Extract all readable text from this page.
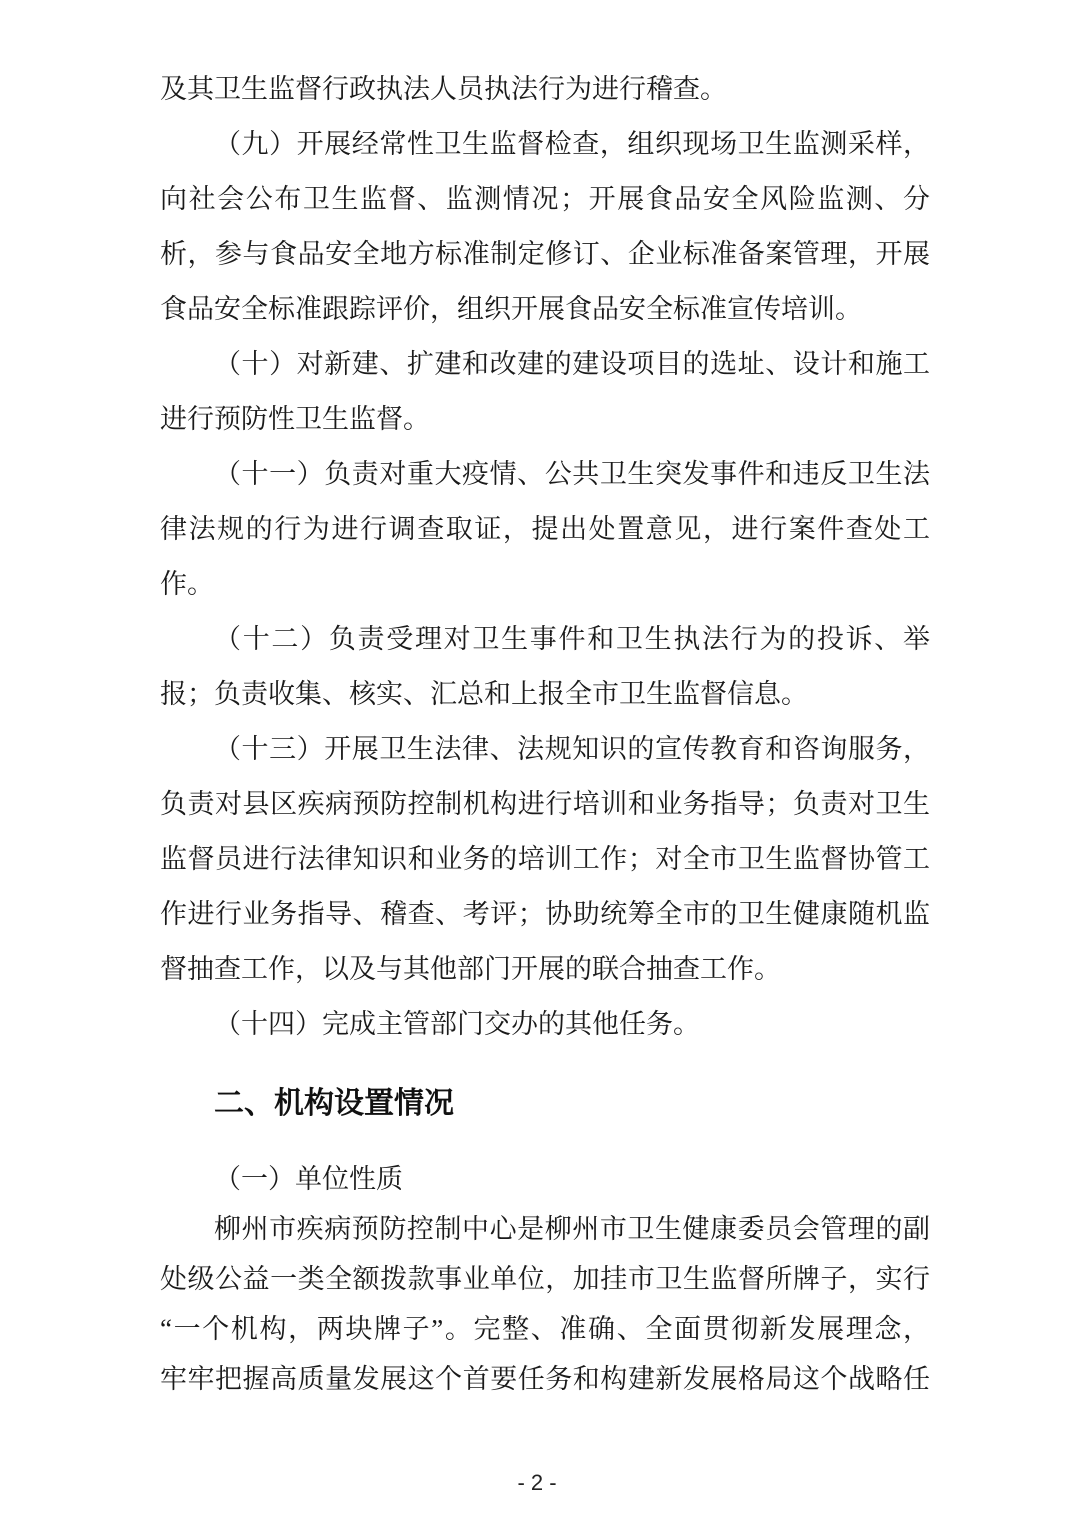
及其卫生监督行政执法人员执法行为进行稽查。
（九）开展经常性卫生监督检查，组织现场卫生监测采样，
向社会公布卫生监督、监测情况；开展食品安全风险监测、分
析，参与食品安全地方标准制定修订、企业标准备案管理，开展
食品安全标准跟踪评价，组织开展食品安全标准宣传培训。
（十）对新建、扩建和改建的建设项目的选址、设计和施工
进行预防性卫生监督。
（十一）负责对重大疫情、公共卫生突发事件和违反卫生法
律法规的行为进行调查取证，提出处置意见，进行案件查处工
作。
（十二）负责受理对卫生事件和卫生执法行为的投诉、举
报；负责收集、核实、汇总和上报全市卫生监督信息。
（十三）开展卫生法律、法规知识的宣传教育和咨询服务，
负责对县区疾病预防控制机构进行培训和业务指导；负责对卫生
监督员进行法律知识和业务的培训工作；对全市卫生监督协管工
作进行业务指导、稽查、考评；协助统筹全市的卫生健康随机监
督抽查工作，以及与其他部门开展的联合抽查工作。
（十四）完成主管部门交办的其他任务。
二、机构设置情况
（一）单位性质
柳州市疾病预防控制中心是柳州市卫生健康委员会管理的副
处级公益一类全额拨款事业单位，加挂市卫生监督所牌子，实行
“一个机构，两块牌子”。完整、准确、全面贯彻新发展理念，
牢牢把握高质量发展这个首要任务和构建新发展格局这个战略任
- 2 -
